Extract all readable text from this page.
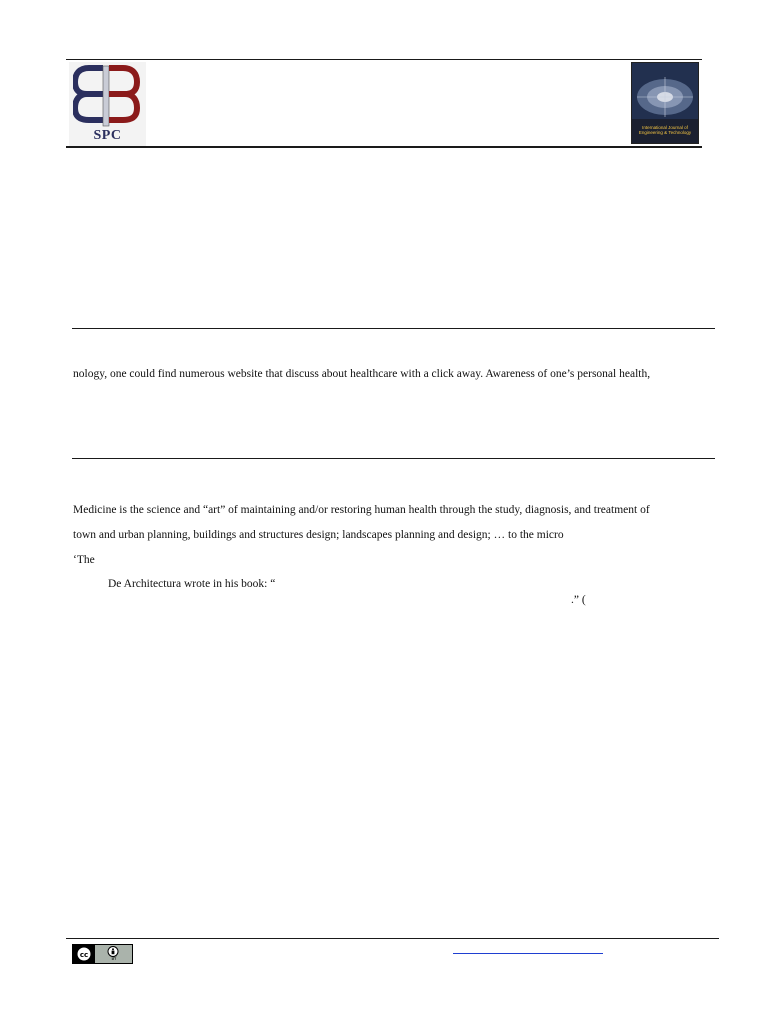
SPC
International Journal of Engineering & Technology
nology, one could find numerous website that discuss about healthcare with a click away. Awareness of one’s personal health,
Medicine is the science and “art” of maintaining and/or restoring human health through the study, diagnosis, and treatment of
town and urban planning, buildings and structures design; landscapes planning and design; … to the micro
‘The
De Architectura wrote in his book: “
.” (
cc	BY
